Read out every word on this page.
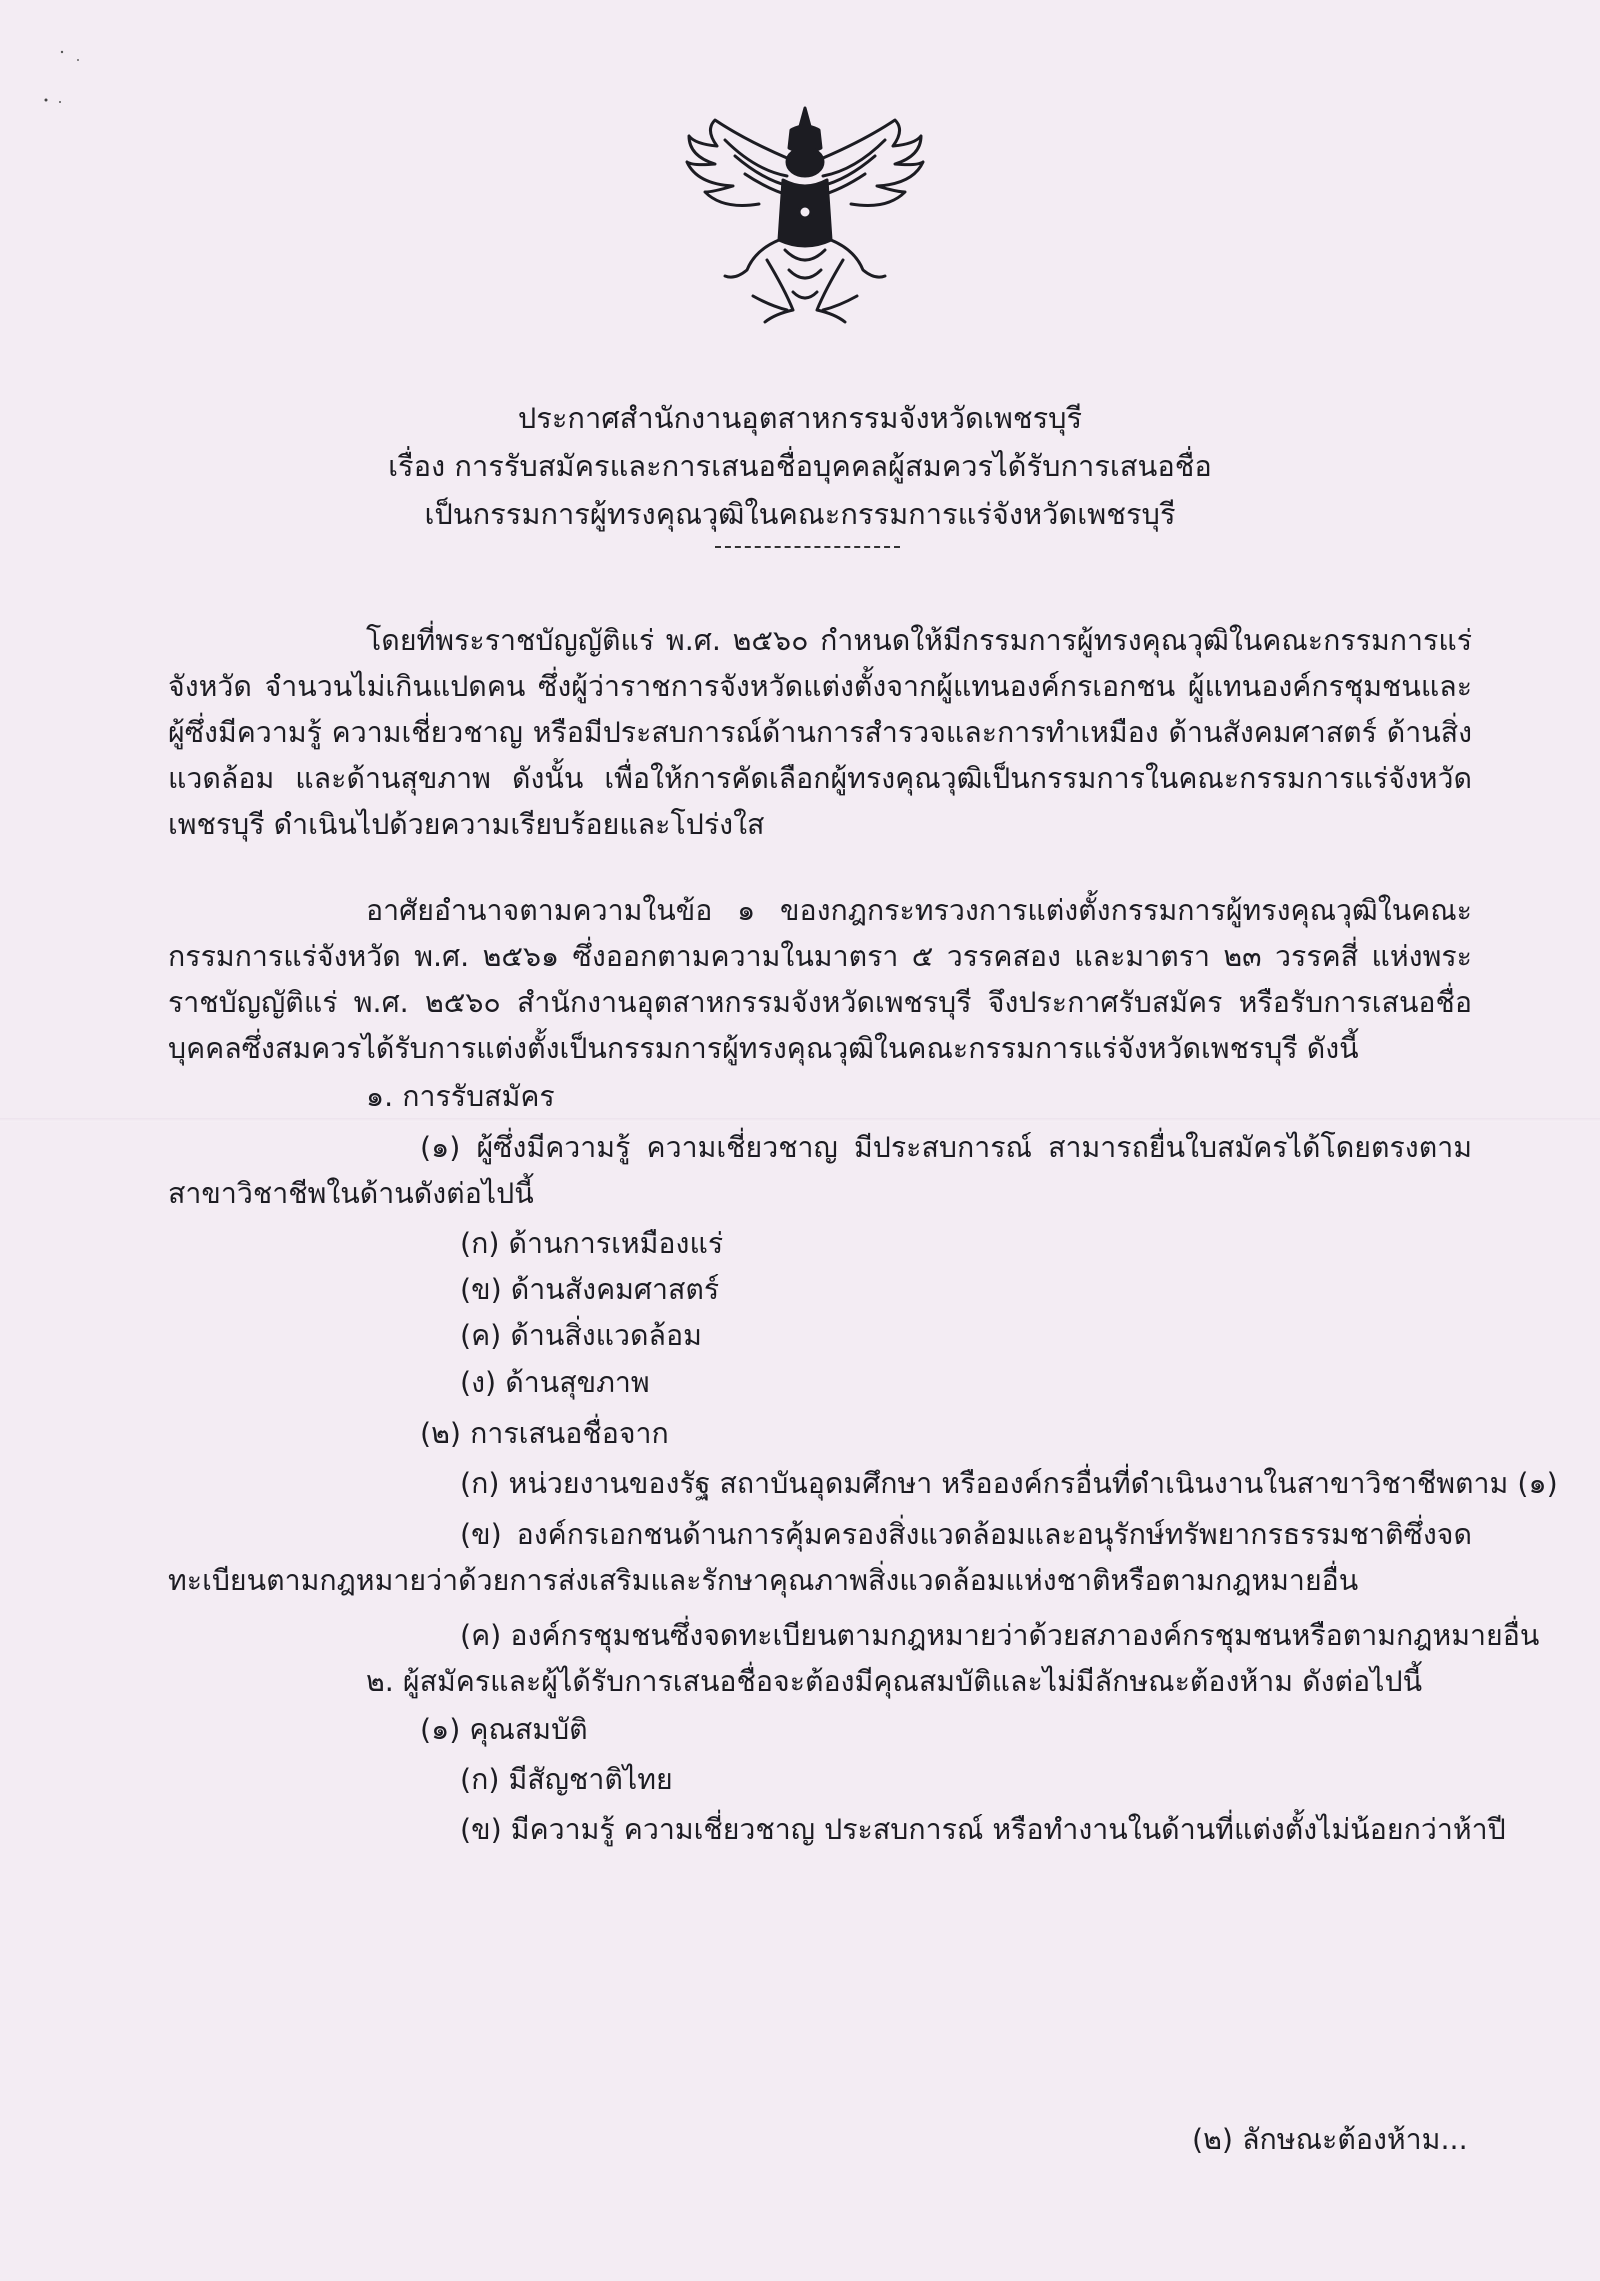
ประกาศสำนักงานอุตสาหกรรมจังหวัดเพชรบุรี
เรื่อง การรับสมัครและการเสนอชื่อบุคคลผู้สมควรได้รับการเสนอชื่อ
เป็นกรรมการผู้ทรงคุณวุฒิในคณะกรรมการแร่จังหวัดเพชรบุรี
โดยที่พระราชบัญญัติแร่ พ.ศ. ๒๕๖๐ กำหนดให้มีกรรมการผู้ทรงคุณวุฒิในคณะกรรมการแร่จังหวัด จำนวนไม่เกินแปดคน ซึ่งผู้ว่าราชการจังหวัดแต่งตั้งจากผู้แทนองค์กรเอกชน ผู้แทนองค์กรชุมชนและผู้ซึ่งมีความรู้ ความเชี่ยวชาญ หรือมีประสบการณ์ด้านการสำรวจและการทำเหมือง ด้านสังคมศาสตร์ ด้านสิ่งแวดล้อม และด้านสุขภาพ ดังนั้น เพื่อให้การคัดเลือกผู้ทรงคุณวุฒิเป็นกรรมการในคณะกรรมการแร่จังหวัดเพชรบุรี ดำเนินไปด้วยความเรียบร้อยและโปร่งใส
อาศัยอำนาจตามความในข้อ ๑ ของกฎกระทรวงการแต่งตั้งกรรมการผู้ทรงคุณวุฒิในคณะกรรมการแร่จังหวัด พ.ศ. ๒๕๖๑ ซึ่งออกตามความในมาตรา ๕ วรรคสอง และมาตรา ๒๓ วรรคสี่ แห่งพระราชบัญญัติแร่ พ.ศ. ๒๕๖๐ สำนักงานอุตสาหกรรมจังหวัดเพชรบุรี จึงประกาศรับสมัคร หรือรับการเสนอชื่อบุคคลซึ่งสมควรได้รับการแต่งตั้งเป็นกรรมการผู้ทรงคุณวุฒิในคณะกรรมการแร่จังหวัดเพชรบุรี ดังนี้
๑. การรับสมัคร
(๑) ผู้ซึ่งมีความรู้ ความเชี่ยวชาญ มีประสบการณ์ สามารถยื่นใบสมัครได้โดยตรงตามสาขาวิชาชีพในด้านดังต่อไปนี้
(ก) ด้านการเหมืองแร่
(ข) ด้านสังคมศาสตร์
(ค) ด้านสิ่งแวดล้อม
(ง) ด้านสุขภาพ
(๒) การเสนอชื่อจาก
(ก) หน่วยงานของรัฐ สถาบันอุดมศึกษา หรือองค์กรอื่นที่ดำเนินงานในสาขาวิชาชีพตาม (๑)
(ข) องค์กรเอกชนด้านการคุ้มครองสิ่งแวดล้อมและอนุรักษ์ทรัพยากรธรรมชาติซึ่งจดทะเบียนตามกฎหมายว่าด้วยการส่งเสริมและรักษาคุณภาพสิ่งแวดล้อมแห่งชาติหรือตามกฎหมายอื่น
(ค) องค์กรชุมชนซึ่งจดทะเบียนตามกฎหมายว่าด้วยสภาองค์กรชุมชนหรือตามกฎหมายอื่น
๒. ผู้สมัครและผู้ได้รับการเสนอชื่อจะต้องมีคุณสมบัติและไม่มีลักษณะต้องห้าม ดังต่อไปนี้
(๑) คุณสมบัติ
(ก) มีสัญชาติไทย
(ข) มีความรู้ ความเชี่ยวชาญ ประสบการณ์ หรือทำงานในด้านที่แต่งตั้งไม่น้อยกว่าห้าปี
(๒) ลักษณะต้องห้าม...
